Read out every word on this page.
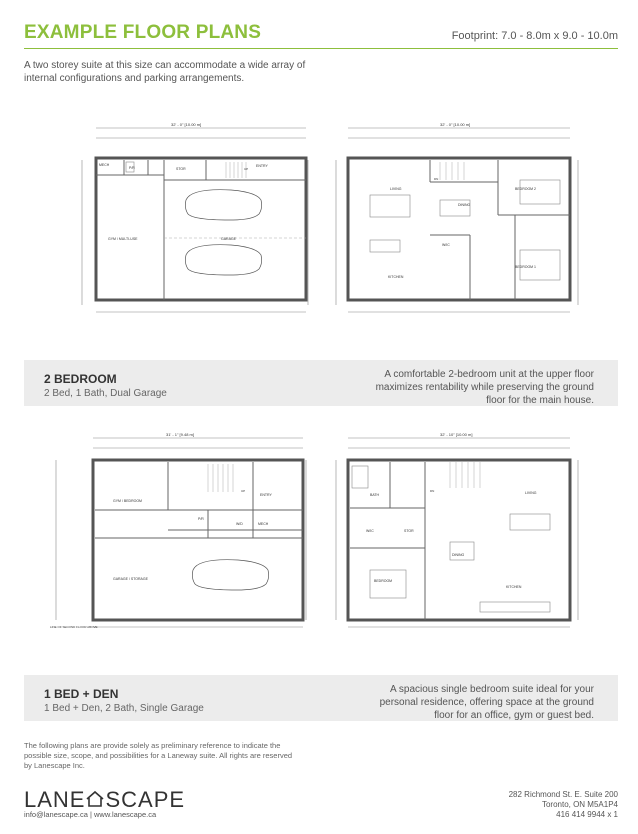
EXAMPLE FLOOR PLANS	Footprint: 7.0 - 8.0m x 9.0 - 10.0m
A two storey suite at this size can accommodate a wide array of internal configurations and parking arrangements.
32' - 0" [10.00 m]
MECH
P/R	STOR
ENTRY
GYM / MULTI-USE	GARAGE
UP
32' - 0" [10.00 m]
LIVING
DINING
BEDROOM 2
KITCHEN
BEDROOM 1
W/IC
DN
2 BEDROOM
2 Bed, 1 Bath, Dual Garage
A comfortable 2-bedroom unit at the upper floor maximizes rentability while preserving the ground floor for the main house.
31' - 1" [9.48 m]
GYM / BEDROOM
P/R
W/D	MECH
ENTRY
GARAGE / STORAGE
UP
LINE OF SECOND FLOOR ABOVE
32' - 10" [10.00 m]
BATH	LIVING
W/IC	STOR
DINING
BEDROOM
KITCHEN
DN
1 BED + DEN
1 Bed + Den, 2 Bath, Single Garage
A spacious single bedroom suite ideal for your personal residence, offering space at the ground floor for an office, gym or guest bed.
The following plans are provide solely as preliminary reference to indicate the possible size, scope, and possibilities for a Laneway suite. All rights are reserved by Lanescape Inc.
LANE SCAPE
info@lanescape.ca | www.lanescape.ca
282 Richmond St. E. Suite 200
Toronto, ON M5A1P4
416 414 9944 x 1
